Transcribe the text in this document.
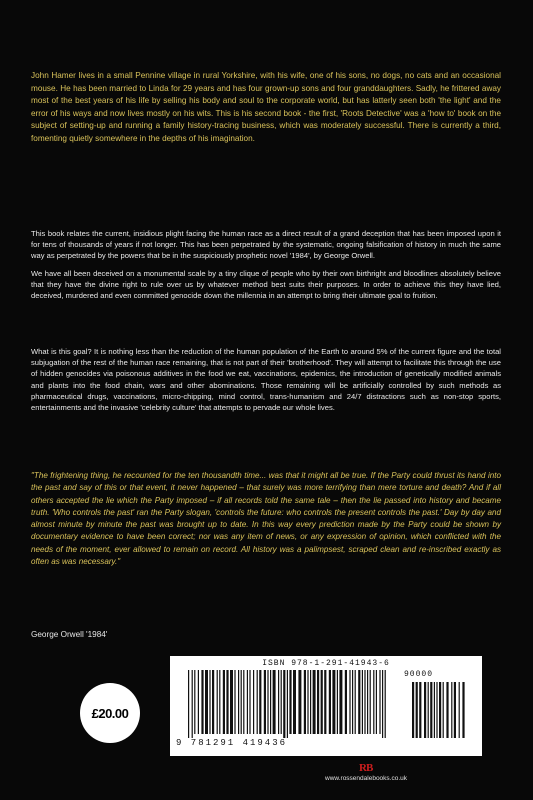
John Hamer lives in a small Pennine village in rural Yorkshire, with his wife, one of his sons, no dogs, no cats and an occasional mouse. He has been married to Linda for 29 years and has four grown-up sons and four granddaughters. Sadly, he frittered away most of the best years of his life by selling his body and soul to the corporate world, but has latterly seen both 'the light' and the error of his ways and now lives mostly on his wits. This is his second book - the first, 'Roots Detective' was a 'how to' book on the subject of setting-up and running a family history-tracing business, which was moderately successful. There is currently a third, fomenting quietly somewhere in the depths of his imagination.

This book relates the current, insidious plight facing the human race as a direct result of a grand deception that has been imposed upon it for tens of thousands of years if not longer. This has been perpetrated by the systematic, ongoing falsification of history in much the same way as perpetrated by the powers that be in the suspiciously prophetic novel '1984', by George Orwell.

We have all been deceived on a monumental scale by a tiny clique of people who by their own birthright and bloodlines absolutely believe that they have the divine right to rule over us by whatever method best suits their purposes. In order to achieve this they have lied, deceived, murdered and even committed genocide down the millennia in an attempt to bring their ultimate goal to fruition.

What is this goal? It is nothing less than the reduction of the human population of the Earth to around 5% of the current figure and the total subjugation of the rest of the human race remaining, that is not part of their 'brotherhood'. They will attempt to facilitate this through the use of hidden genocides via poisonous additives in the food we eat, vaccinations, epidemics, the introduction of genetically modified animals and plants into the food chain, wars and other abominations. Those remaining will be artificially controlled by such methods as pharmaceutical drugs, vaccinations, micro-chipping, mind control, trans-humanism and 24/7 distractions such as non-stop sports, entertainments and the invasive 'celebrity culture' that attempts to pervade our whole lives.

"The frightening thing, he recounted for the ten thousandth time... was that it might all be true. If the Party could thrust its hand into the past and say of this or that event, it never happened – that surely was more terrifying than mere torture and death? And if all others accepted the lie which the Party imposed – if all records told the same tale – then the lie passed into history and became truth. 'Who controls the past' ran the Party slogan, 'controls the future: who controls the present controls the past.' Day by day and almost minute by minute the past was brought up to date. In this way every prediction made by the Party could be shown by documentary evidence to have been correct; nor was any item of news, or any expression of opinion, which conflicted with the needs of the moment, ever allowed to remain on record. All history was a palimpsest, scraped clean and re-inscribed exactly as often as was necessary."

George Orwell '1984'

£20.00

ISBN 978-1-291-41943-6

9 781291 419436

90000

RB

www.rossendalebooks.co.uk
